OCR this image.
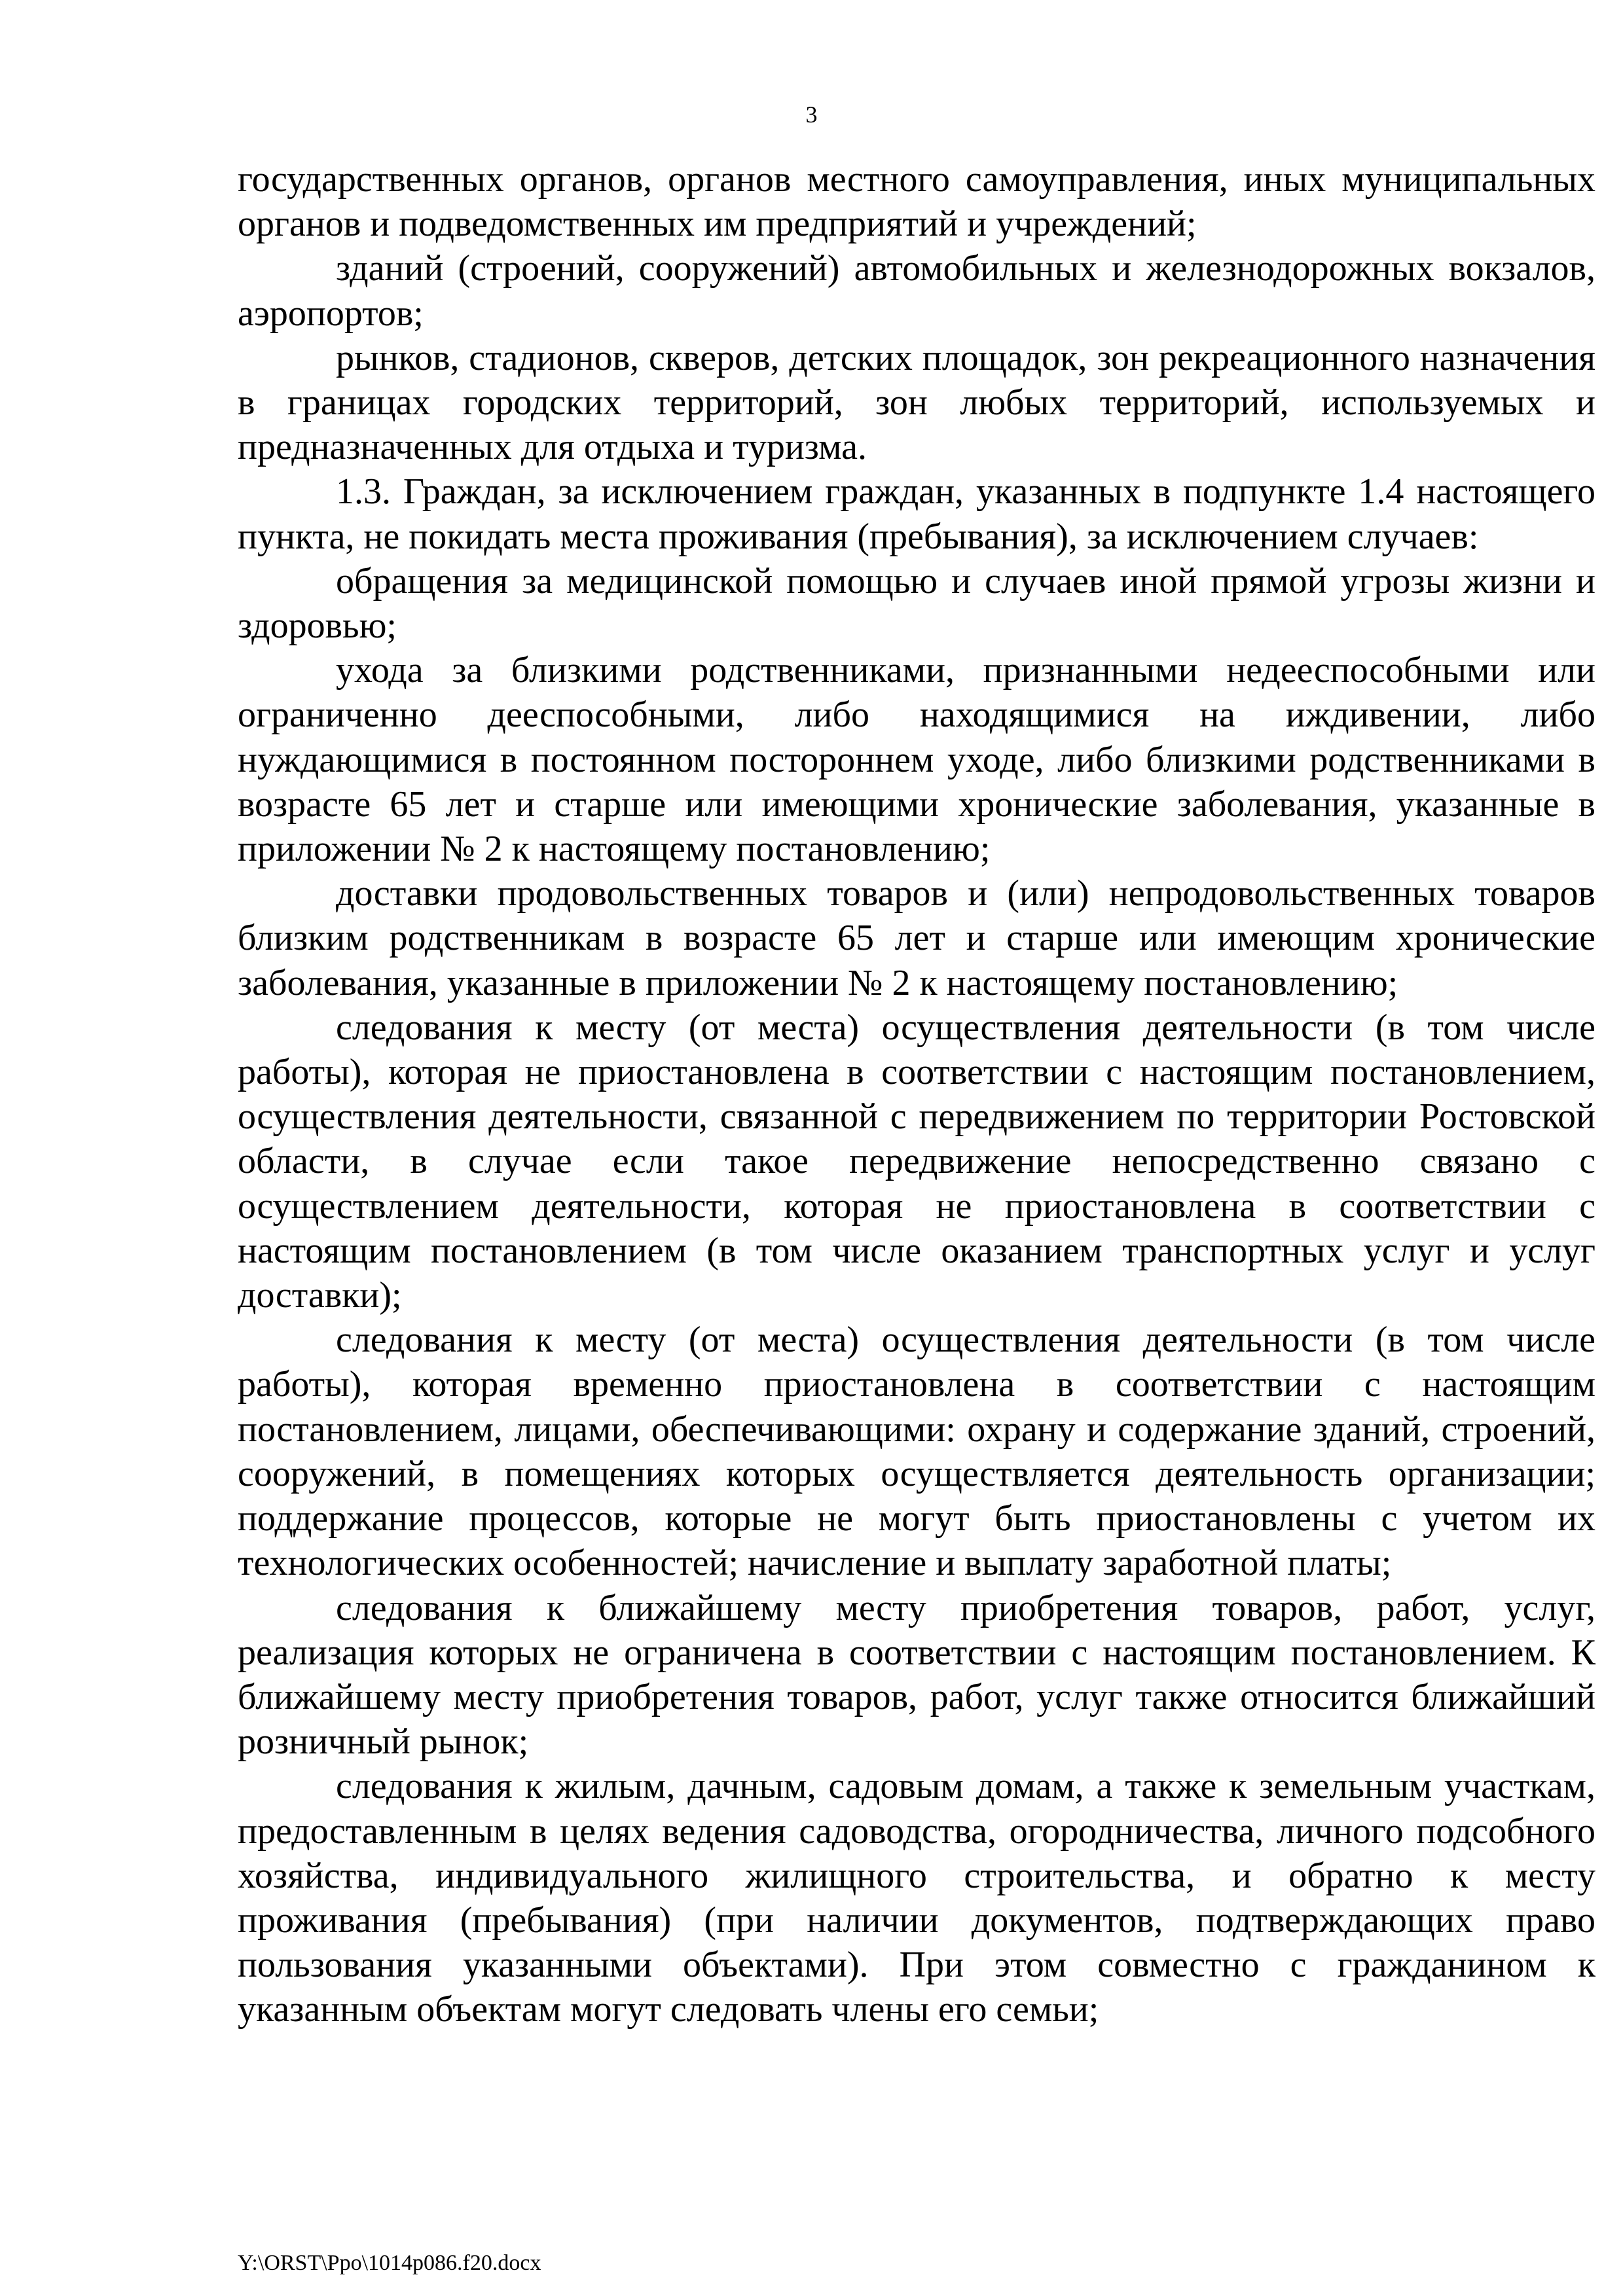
3

государственных органов, органов местного самоуправления, иных муниципальных органов и подведомственных им предприятий и учреждений;

зданий (строений, сооружений) автомобильных и железнодорожных вокзалов, аэропортов;

рынков, стадионов, скверов, детских площадок, зон рекреационного назначения в границах городских территорий, зон любых территорий, используемых и предназначенных для отдыха и туризма.

1.3. Граждан, за исключением граждан, указанных в подпункте 1.4 настоящего пункта, не покидать места проживания (пребывания), за исключением случаев:

обращения за медицинской помощью и случаев иной прямой угрозы жизни и здоровью;

ухода за близкими родственниками, признанными недееспособными или ограниченно дееспособными, либо находящимися на иждивении, либо нуждающимися в постоянном постороннем уходе, либо близкими родственниками в возрасте 65 лет и старше или имеющими хронические заболевания, указанные в приложении № 2 к настоящему постановлению;

доставки продовольственных товаров и (или) непродовольственных товаров близким родственникам в возрасте 65 лет и старше или имеющим хронические заболевания, указанные в приложении № 2 к настоящему постановлению;

следования к месту (от места) осуществления деятельности (в том числе работы), которая не приостановлена в соответствии с настоящим постановлением, осуществления деятельности, связанной с передвижением по территории Ростовской области, в случае если такое передвижение непосредственно связано с осуществлением деятельности, которая не приостановлена в соответствии с настоящим постановлением (в том числе оказанием транспортных услуг и услуг доставки);

следования к месту (от места) осуществления деятельности (в том числе работы), которая временно приостановлена в соответствии с настоящим постановлением, лицами, обеспечивающими: охрану и содержание зданий, строений, сооружений, в помещениях которых осуществляется деятельность организации; поддержание процессов, которые не могут быть приостановлены с учетом их технологических особенностей; начисление и выплату заработной платы;

следования к ближайшему месту приобретения товаров, работ, услуг, реализация которых не ограничена в соответствии с настоящим постановлением. К ближайшему месту приобретения товаров, работ, услуг также относится ближайший розничный рынок;

следования к жилым, дачным, садовым домам, а также к земельным участкам, предоставленным в целях ведения садоводства, огородничества, личного подсобного хозяйства, индивидуального жилищного строительства, и обратно к месту проживания (пребывания) (при наличии документов, подтверждающих право пользования указанными объектами). При этом совместно с гражданином к указанным объектам могут следовать члены его семьи;

Y:\ORST\Ppo\1014p086.f20.docx
